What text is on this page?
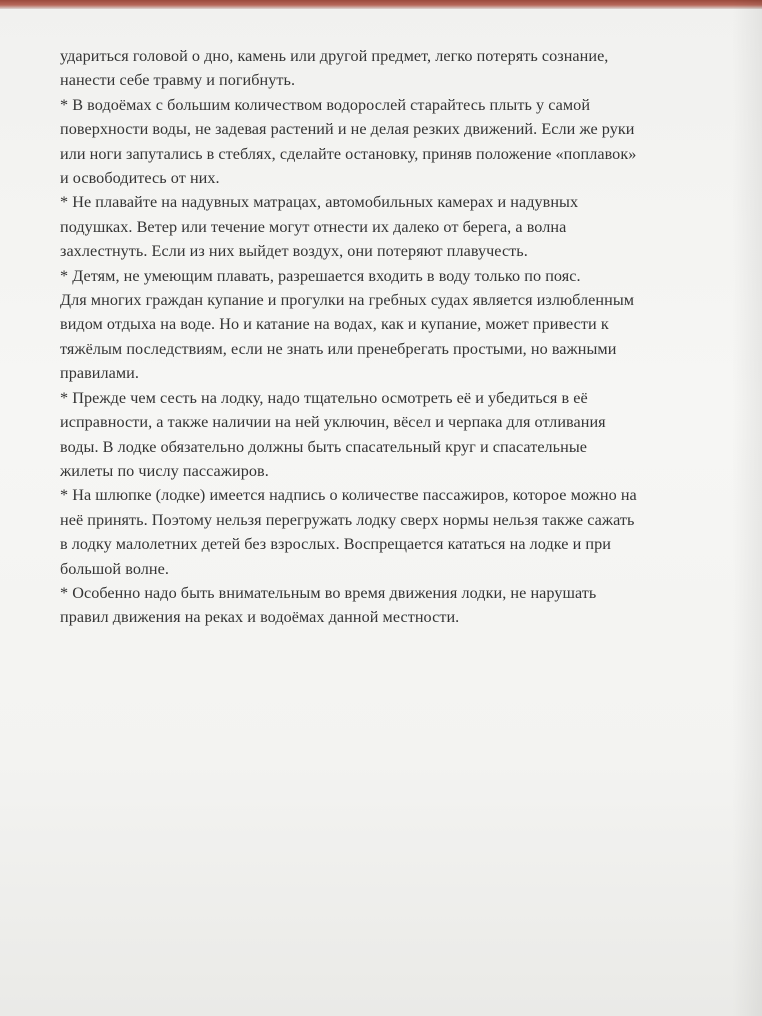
удариться головой о дно, камень или другой предмет, легко потерять сознание,
нанести себе травму и погибнуть.
* В водоёмах с большим количеством водорослей старайтесь плыть у самой
поверхности воды, не задевая растений и не делая резких движений. Если же руки
или ноги запутались в стеблях, сделайте остановку, приняв положение «поплавок»
и освободитесь от них.
* Не плавайте на надувных матрацах, автомобильных камерах и надувных
подушках. Ветер или течение могут отнести их далеко от берега, а волна
захлестнуть. Если из них выйдет воздух, они потеряют плавучесть.
* Детям, не умеющим плавать, разрешается входить в воду только по пояс.
Для многих граждан купание и прогулки на гребных судах является излюбленным
видом отдыха на воде. Но и катание на водах, как и купание, может привести к
тяжёлым последствиям, если не знать или пренебрегать простыми, но важными
правилами.
* Прежде чем сесть на лодку, надо тщательно осмотреть её и убедиться в её
исправности, а также наличии на ней уключин, вёсел и черпака для отливания
воды. В лодке обязательно должны быть спасательный круг и спасательные
жилеты по числу пассажиров.
* На шлюпке (лодке) имеется надпись о количестве пассажиров, которое можно на
неё принять. Поэтому нельзя перегружать лодку сверх нормы нельзя также сажать
в лодку малолетних детей без взрослых. Воспрещается кататься на лодке и при
большой волне.
* Особенно надо быть внимательным во время движения лодки, не нарушать
правил движения на реках и водоёмах данной местности.
